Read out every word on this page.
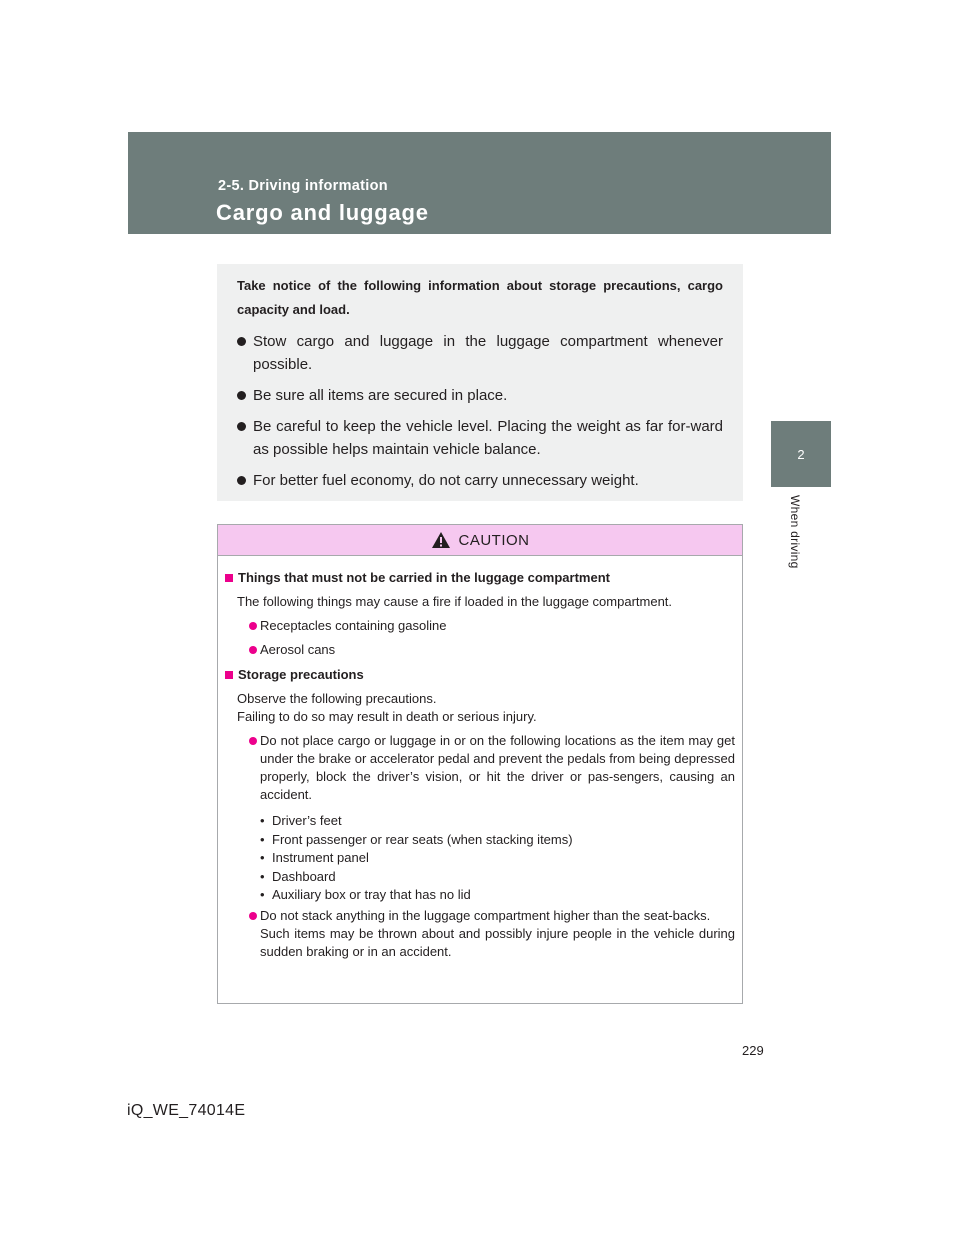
2-5. Driving information
Cargo and luggage
2
When driving

Take notice of the following information about storage precautions, cargo capacity and load.

Stow cargo and luggage in the luggage compartment whenever possible.
Be sure all items are secured in place.
Be careful to keep the vehicle level. Placing the weight as far for-ward as possible helps maintain vehicle balance.
For better fuel economy, do not carry unnecessary weight.
CAUTION
Things that must not be carried in the luggage compartment
The following things may cause a fire if loaded in the luggage compartment.
Receptacles containing gasoline
Aerosol cans
Storage precautions
Observe the following precautions.
Failing to do so may result in death or serious injury.
Do not place cargo or luggage in or on the following locations as the item may get under the brake or accelerator pedal and prevent the pedals from being depressed properly, block the driver’s vision, or hit the driver or pas-sengers, causing an accident.
• Driver’s feet
• Front passenger or rear seats (when stacking items)
• Instrument panel
• Dashboard
• Auxiliary box or tray that has no lid
Do not stack anything in the luggage compartment higher than the seat-backs.
Such items may be thrown about and possibly injure people in the vehicle during sudden braking or in an accident.
229
iQ_WE_74014E
